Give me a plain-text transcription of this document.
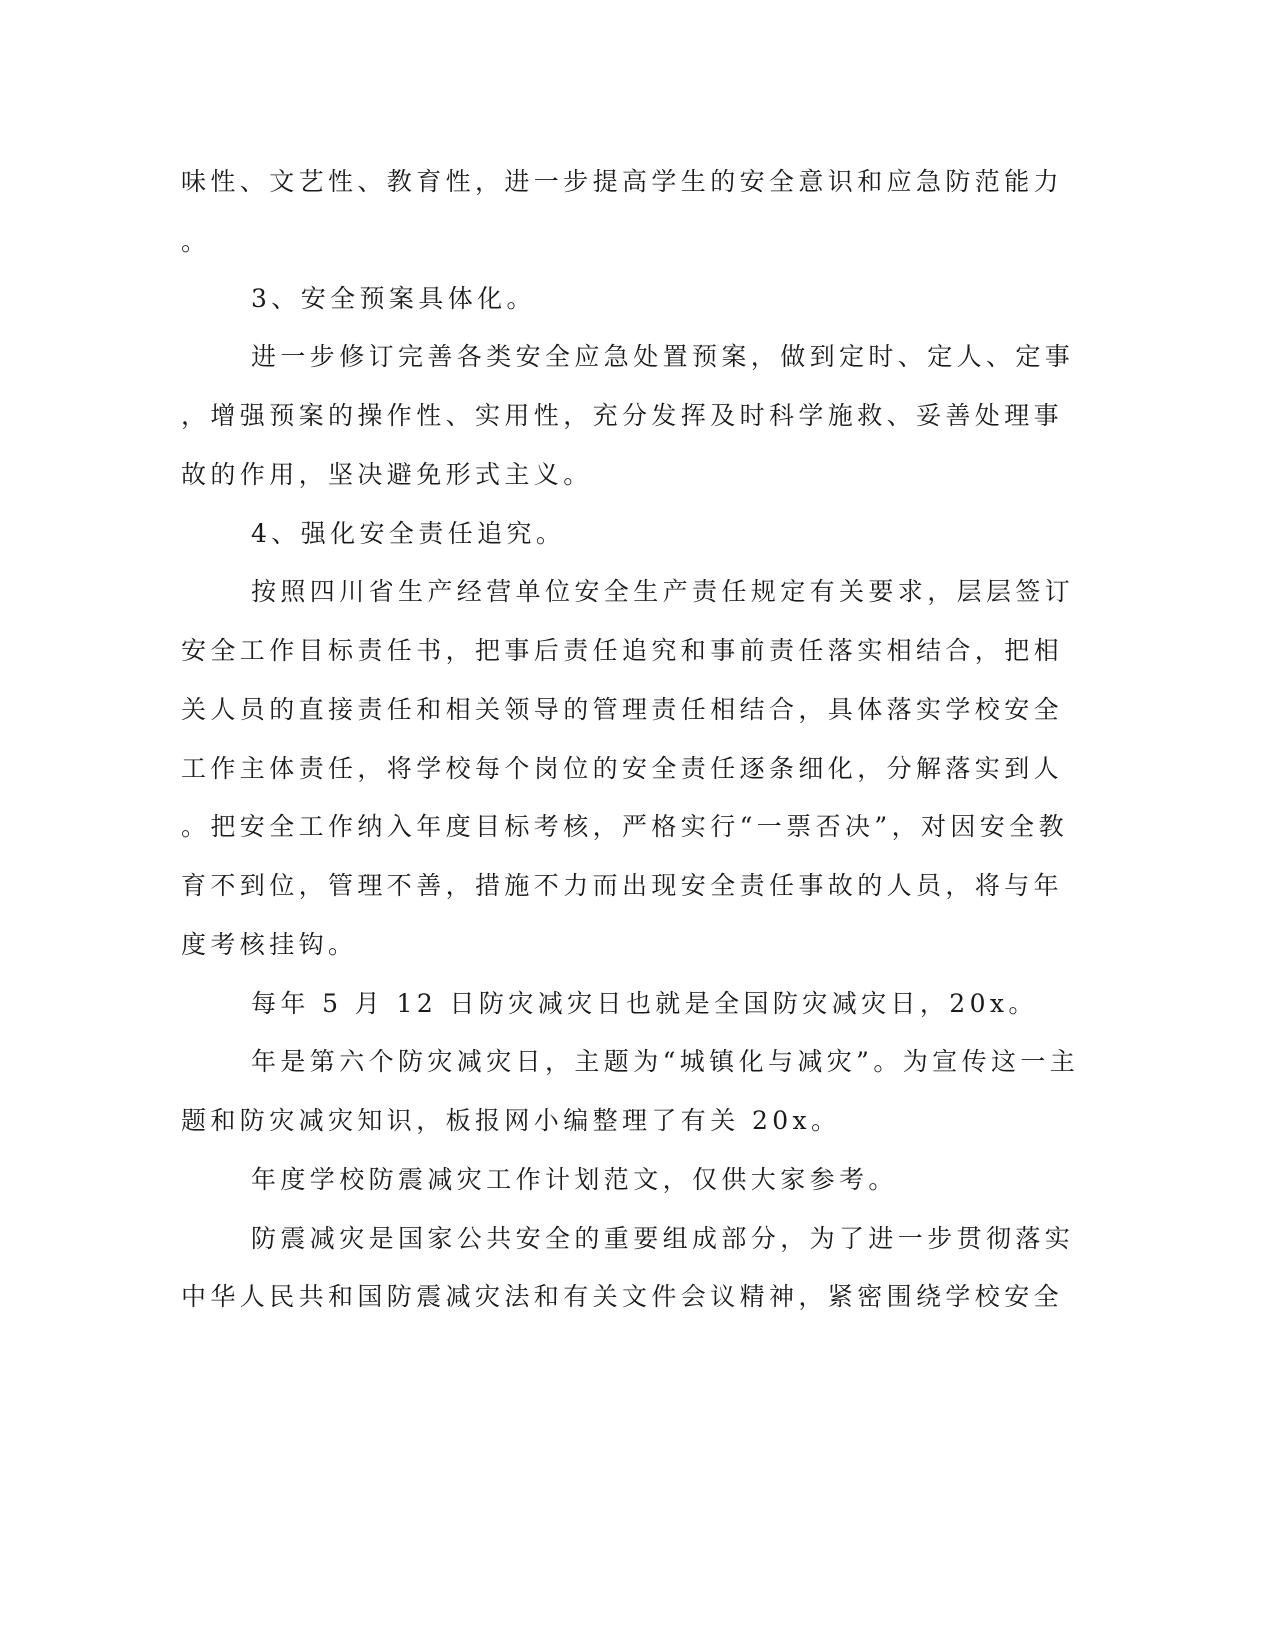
味性、文艺性、教育性，进一步提高学生的安全意识和应急防范能力

。

3、安全预案具体化。

进一步修订完善各类安全应急处置预案，做到定时、定人、定事

，增强预案的操作性、实用性，充分发挥及时科学施救、妥善处理事

故的作用，坚决避免形式主义。

4、强化安全责任追究。

按照四川省生产经营单位安全生产责任规定有关要求，层层签订

安全工作目标责任书，把事后责任追究和事前责任落实相结合，把相

关人员的直接责任和相关领导的管理责任相结合，具体落实学校安全

工作主体责任，将学校每个岗位的安全责任逐条细化，分解落实到人

。把安全工作纳入年度目标考核，严格实行“一票否决”，对因安全教

育不到位，管理不善，措施不力而出现安全责任事故的人员，将与年

度考核挂钩。

每年 5 月 12 日防灾减灾日也就是全国防灾减灾日，20x。

年是第六个防灾减灾日，主题为“城镇化与减灾”。为宣传这一主

题和防灾减灾知识，板报网小编整理了有关 20x。

年度学校防震减灾工作计划范文，仅供大家参考。

防震减灾是国家公共安全的重要组成部分，为了进一步贯彻落实

中华人民共和国防震减灾法和有关文件会议精神，紧密围绕学校安全
